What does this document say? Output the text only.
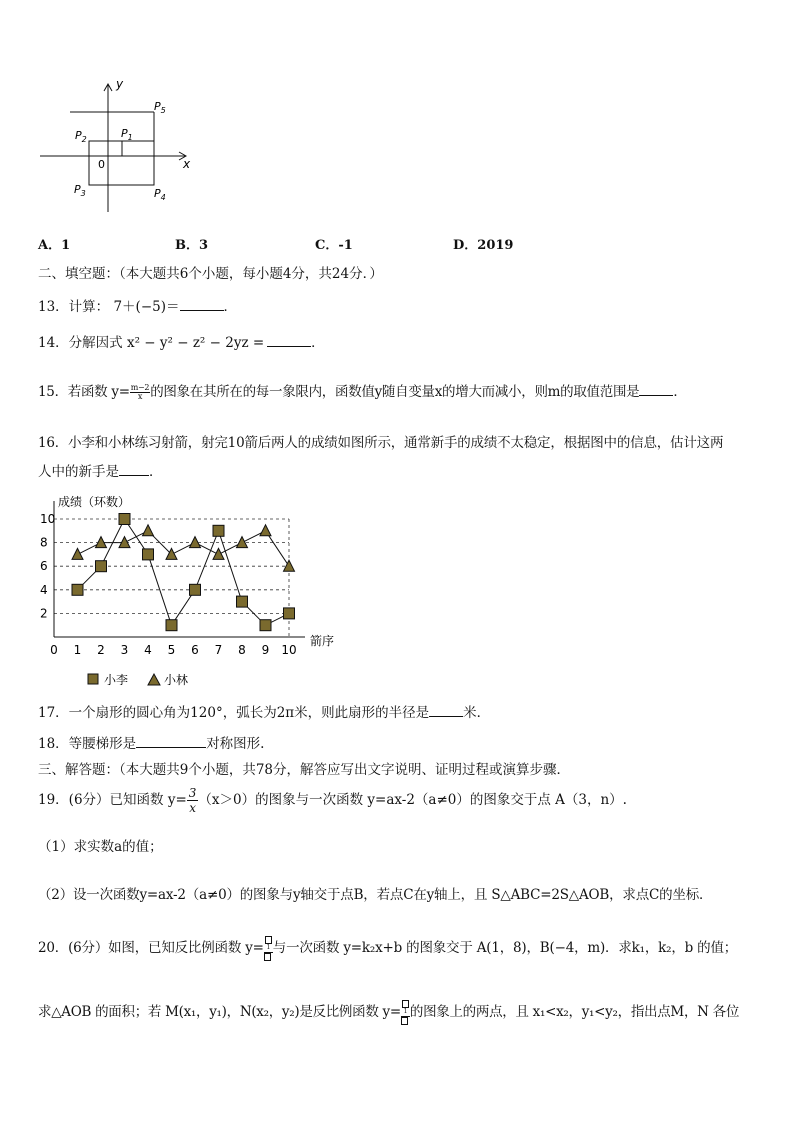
y
x
0
$P_5$
$P_1$
$P_2$
$P_3$	$P_4$
A．1	B．3	C．-1	D．2019
二、填空题：（本大题共6个小题，每小题4分，共24分．）
13．计算： 7＋(−5)＝	．
14．分解因式 x² − y² − z² − 2yz =	．
15．若函数 $y= \frac{m-2}{x}$ 的图象在其所在的每一象限内，函数值y随自变量x的增大而减小，则m的取值范围是	．
16．小李和小林练习射箭，射完10箭后两人的成绩如图所示，通常新手的成绩不太稳定，根据图中的信息，估计这两
人中的新手是 ．
2
4
6
8
10
0 1 2 3 4 5 6 7 8 9 10
成绩（环数）
箭序
小李	小林
17．一个扇形的圆心角为120°，弧长为2π米，则此扇形的半径是	米．
18．等腰梯形是	对称图形.
三、解答题：（本大题共9个小题，共78分，解答应写出文字说明、证明过程或演算步骤．
19．(6分）已知函数 $y= \frac{3}{x} (x>0)$的图象与一次函数 y=ax-2（a≠0）的图象交于点 A（3，n）.
（1）求实数a的值；
（2）设一次函数y=ax-2（a≠0）的图象与y轴交于点B，若点C在y轴上，且 S△ABC=2S△AOB，求点C的坐标．
20．(6分）如图，已知反比例函数 y= 1 与一次函数 y=k₂x+b 的图象交于 A(1，8)，B(−4，m)．求k₁，k₂，b 的值；
求△AOB 的面积；若 M(x₁，y₁)，N(x₂，y₂)是反比例函数 y= 1 的图象上的两点，且 x₁<x₂，y₁<y₂，指出点M，N 各位
